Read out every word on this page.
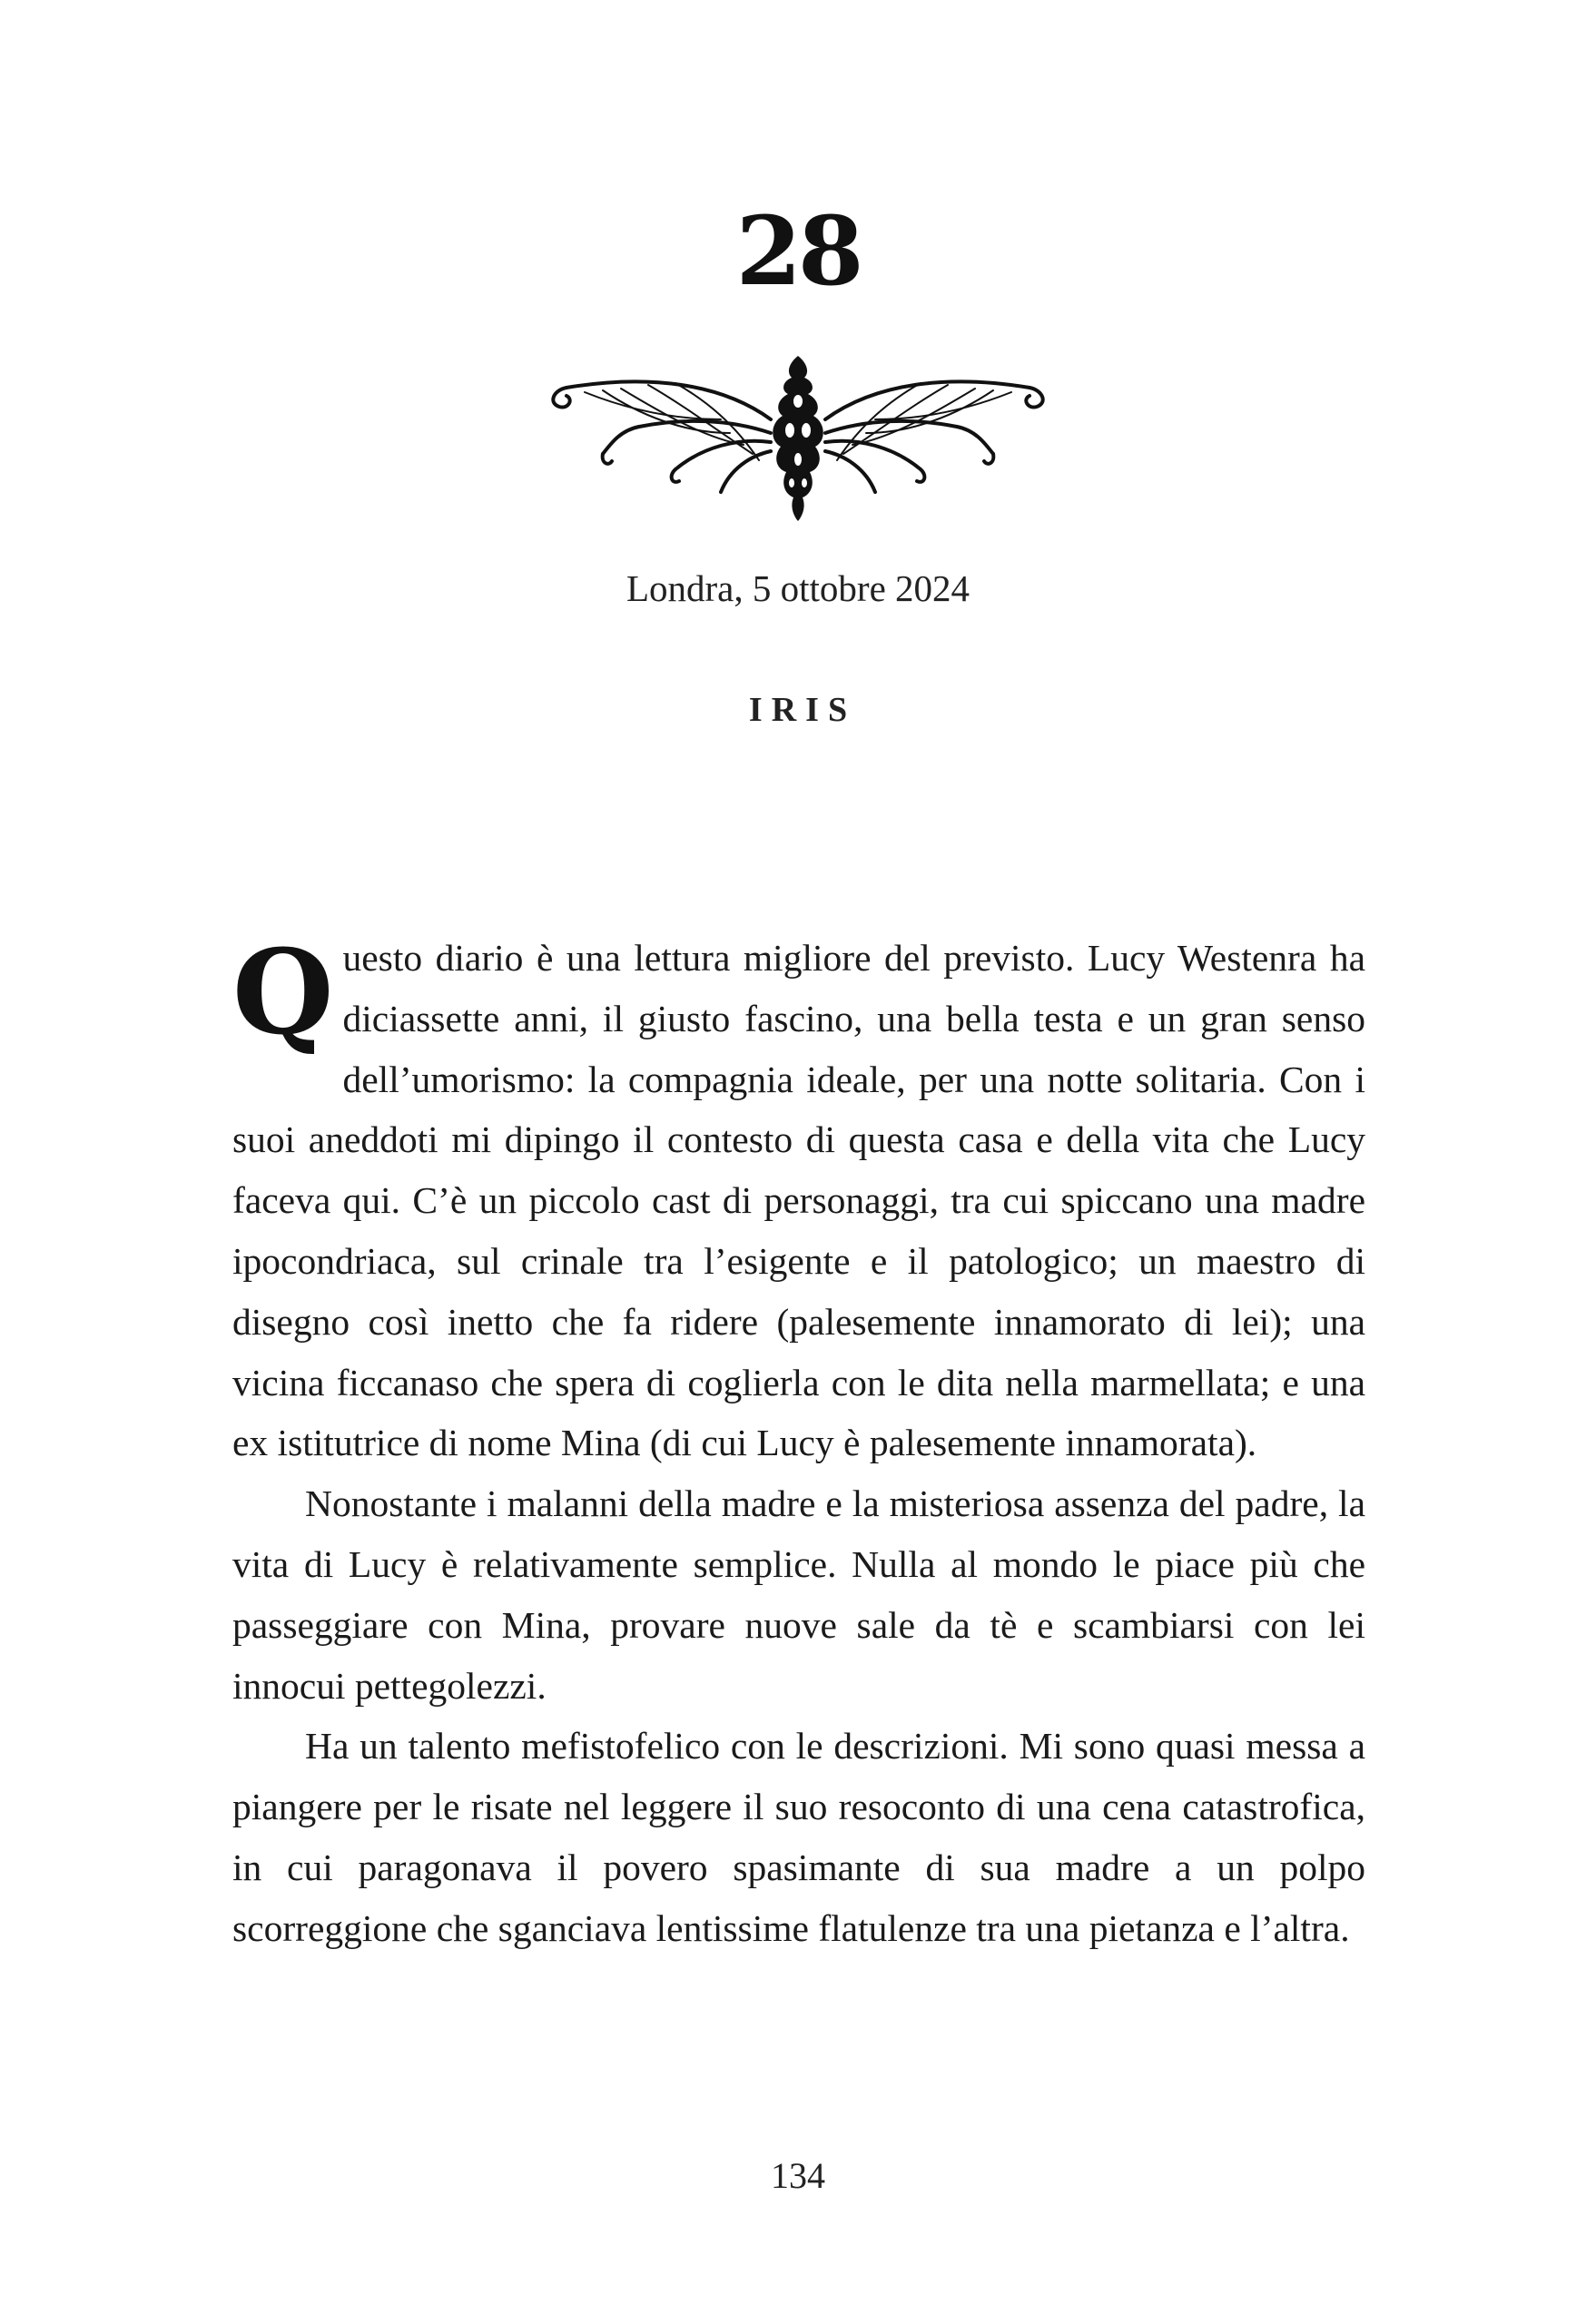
28
Londra, 5 ottobre 2024
IRIS

Questo diario è una lettura migliore del previsto. Lucy Westenra ha diciassette anni, il giusto fascino, una bella testa e un gran senso dell’umorismo: la compagnia ideale, per una notte solitaria. Con i suoi aneddoti mi dipingo il contesto di questa casa e della vita che Lucy faceva qui. C’è un piccolo cast di personaggi, tra cui spiccano una madre ipocondriaca, sul crinale tra l’esigente e il patologico; un maestro di disegno così inetto che fa ridere (palesemente innamorato di lei); una vicina ficcanaso che spera di coglierla con le dita nella marmellata; e una ex istitutrice di nome Mina (di cui Lucy è palesemente innamorata).

Nonostante i malanni della madre e la misteriosa assenza del padre, la vita di Lucy è relativamente semplice. Nulla al mondo le piace più che passeggiare con Mina, provare nuove sale da tè e scambiarsi con lei innocui pettegolezzi.

Ha un talento mefistofelico con le descrizioni. Mi sono quasi messa a piangere per le risate nel leggere il suo resoconto di una cena catastrofica, in cui paragonava il povero spasimante di sua madre a un polpo scorreggione che sganciava lentissime flatulenze tra una pietanza e l’altra.

134
